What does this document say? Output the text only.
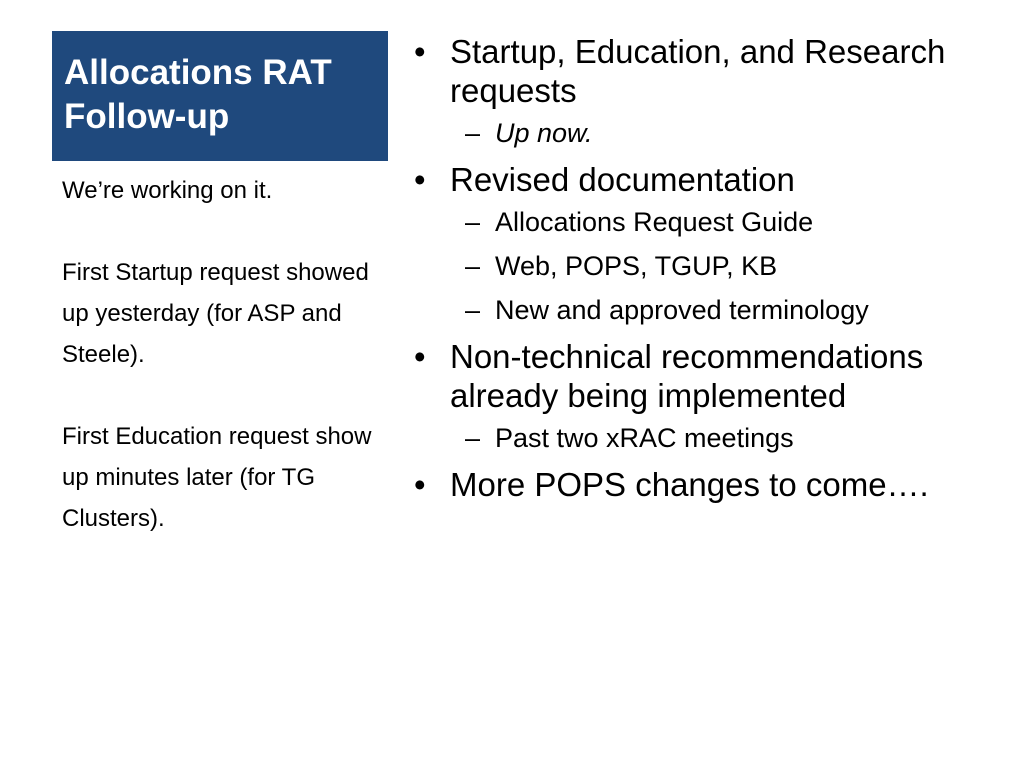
Allocations RAT
Follow-up

We’re working on it.

First Startup request showed up yesterday (for ASP and Steele).

First Education request show up minutes later (for TG Clusters).

• Startup, Education, and Research requests
– Up now.
• Revised documentation
– Allocations Request Guide
– Web, POPS, TGUP, KB
– New and approved terminology
• Non-technical recommendations already being implemented
– Past two xRAC meetings
• More POPS changes to come….
